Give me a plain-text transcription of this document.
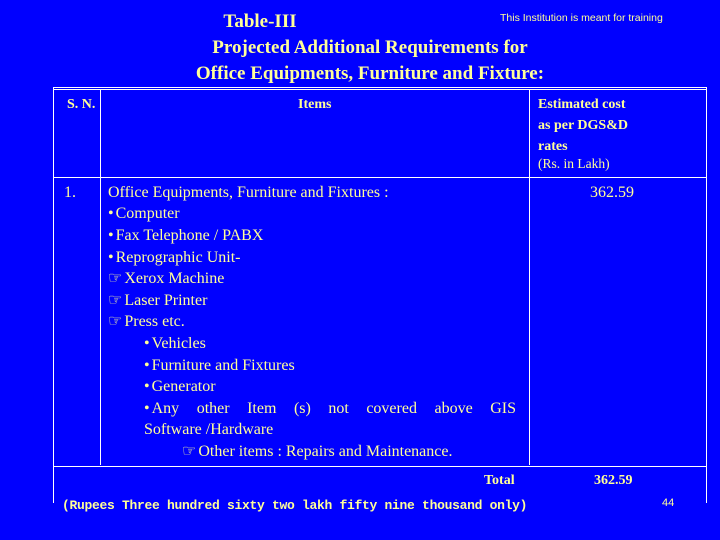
This Institution is meant for training
Table-III
Projected Additional Requirements for
Office Equipments, Furniture and Fixture:
S. N.	Items	Estimated cost
as per DGS&D
rates
(Rs. in Lakh)
1. Office Equipments, Furniture and Fixtures :	362.59
• Computer
• Fax Telephone / PABX
• Reprographic Unit-
☞ Xerox Machine
☞ Laser Printer
☞ Press etc.
• Vehicles
• Furniture and Fixtures
• Generator
• Any other Item (s) not covered above GIS
Software /Hardware
☞ Other items : Repairs and Maintenance.
Total	362.59
(Rupees Three hundred sixty two lakh fifty nine thousand only)	44
